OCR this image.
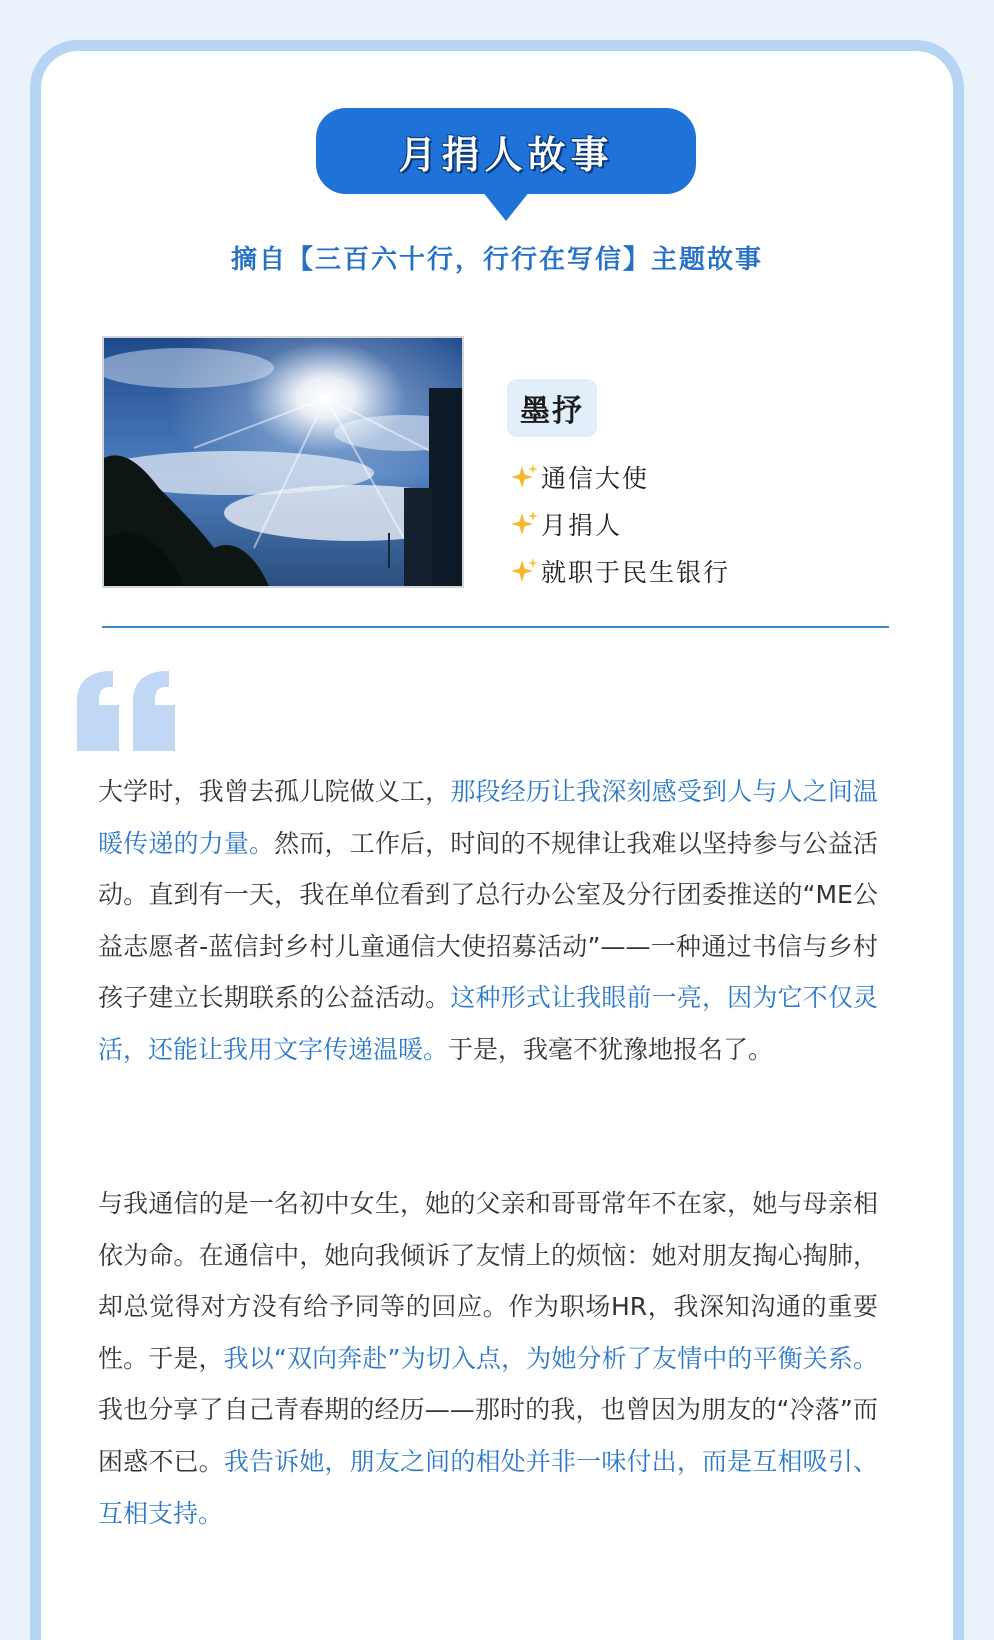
月捐人故事
摘自【三百六十行，行行在写信】主题故事
墨抒
通信大使
月捐人
就职于民生银行

大学时，我曾去孤儿院做义工，那段经历让我深刻感受到人与人之间温暖传递的力量。然而，工作后，时间的不规律让我难以坚持参与公益活动。直到有一天，我在单位看到了总行办公室及分行团委推送的“ME公益志愿者-蓝信封乡村儿童通信大使招募活动”——一种通过书信与乡村孩子建立长期联系的公益活动。这种形式让我眼前一亮，因为它不仅灵活，还能让我用文字传递温暖。于是，我毫不犹豫地报名了。

与我通信的是一名初中女生，她的父亲和哥哥常年不在家，她与母亲相依为命。在通信中，她向我倾诉了友情上的烦恼：她对朋友掏心掏肺，却总觉得对方没有给予同等的回应。作为职场HR，我深知沟通的重要性。于是，我以“双向奔赴”为切入点，为她分析了友情中的平衡关系。我也分享了自己青春期的经历——那时的我，也曾因为朋友的“冷落”而困惑不已。我告诉她，朋友之间的相处并非一味付出，而是互相吸引、互相支持。
